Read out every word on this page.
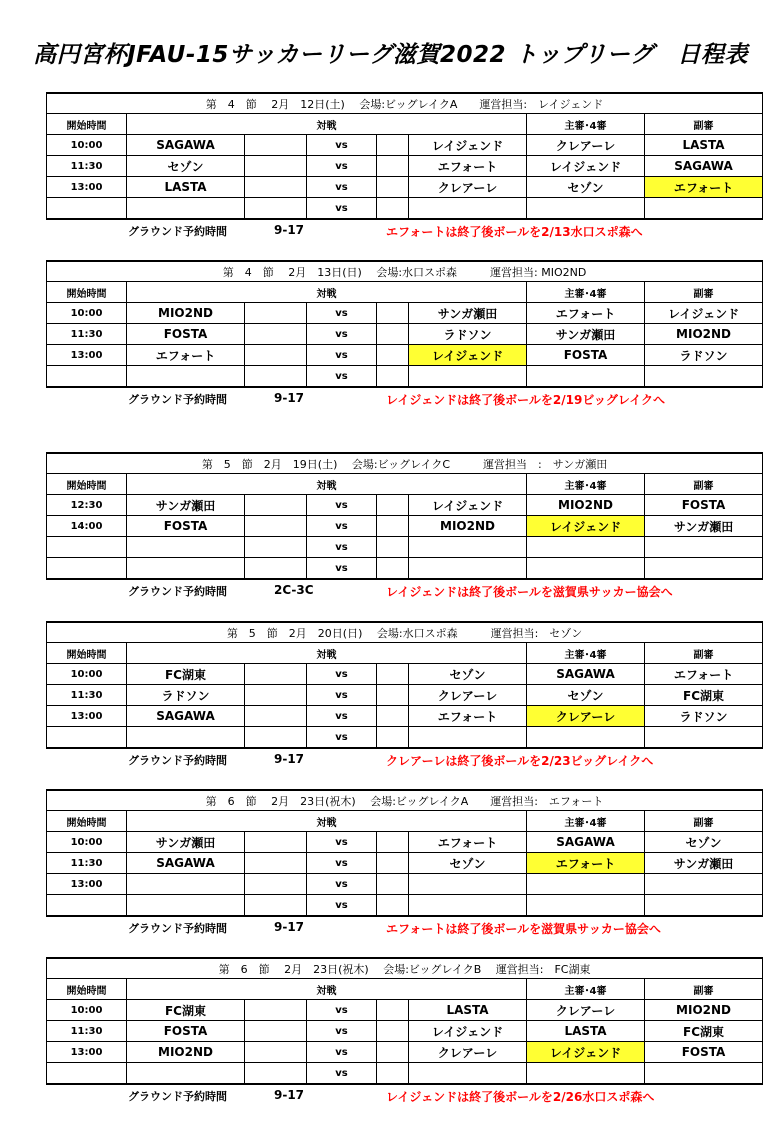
高円宮杯JFAU-15サッカーリーグ滋賀2022 トップリーグ　日程表
第　4　節　 2月　12日(土)　 会場:ビッグレイクA　　運営担当:　レイジェンド							
開始時間	対戦					主審･4審	副審
10:00	SAGAWA		vs		レイジェンド	クレアーレ	LASTA
11:30	セゾン		vs		エフォート	レイジェンド	SAGAWA
13:00	LASTA		vs		クレアーレ	セゾン	エフォート
			vs				
グラウンド予約時間	9-17	エフォートは終了後ボールを2/13水口スポ森へ
第　4　節　 2月　13日(日)　 会場:水口スポ森　　　運営担当: MIO2ND							
開始時間	対戦					主審･4審	副審
10:00	MIO2ND		vs		サンガ瀬田	エフォート	レイジェンド
11:30	FOSTA		vs		ラドソン	サンガ瀬田	MIO2ND
13:00	エフォート		vs		レイジェンド	FOSTA	ラドソン
			vs				
グラウンド予約時間	9-17	レイジェンドは終了後ボールを2/19ビッグレイクへ
第　5　節　2月　19日(土)　 会場:ビッグレイクC　　　運営担当　:　サンガ瀬田							
開始時間	対戦					主審･4審	副審
12:30	サンガ瀬田		vs		レイジェンド	MIO2ND	FOSTA
14:00	FOSTA		vs		MIO2ND	レイジェンド	サンガ瀬田
			vs				
			vs				
グラウンド予約時間	2C-3C	レイジェンドは終了後ボールを滋賀県サッカー協会へ
第　5　節　2月　20日(日)　 会場:水口スポ森　　　運営担当:　セゾン							
開始時間	対戦					主審･4審	副審
10:00	FC湖東		vs		セゾン	SAGAWA	エフォート
11:30	ラドソン		vs		クレアーレ	セゾン	FC湖東
13:00	SAGAWA		vs		エフォート	クレアーレ	ラドソン
			vs				
グラウンド予約時間	9-17	クレアーレは終了後ボールを2/23ビッグレイクへ
第　6　節　 2月　23日(祝木)　 会場:ビッグレイクA　　運営担当:　エフォート							
開始時間	対戦					主審･4審	副審
10:00	サンガ瀬田		vs		エフォート	SAGAWA	セゾン
11:30	SAGAWA		vs		セゾン	エフォート	サンガ瀬田
13:00			vs				
			vs				
グラウンド予約時間	9-17	エフォートは終了後ボールを滋賀県サッカー協会へ
第　6　節　 2月　23日(祝木)　 会場:ビッグレイクB　 運営担当:　FC湖東							
開始時間	対戦					主審･4審	副審
10:00	FC湖東		vs		LASTA	クレアーレ	MIO2ND
11:30	FOSTA		vs		レイジェンド	LASTA	FC湖東
13:00	MIO2ND		vs		クレアーレ	レイジェンド	FOSTA
			vs				
グラウンド予約時間	9-17	レイジェンドは終了後ボールを2/26水口スポ森へ
